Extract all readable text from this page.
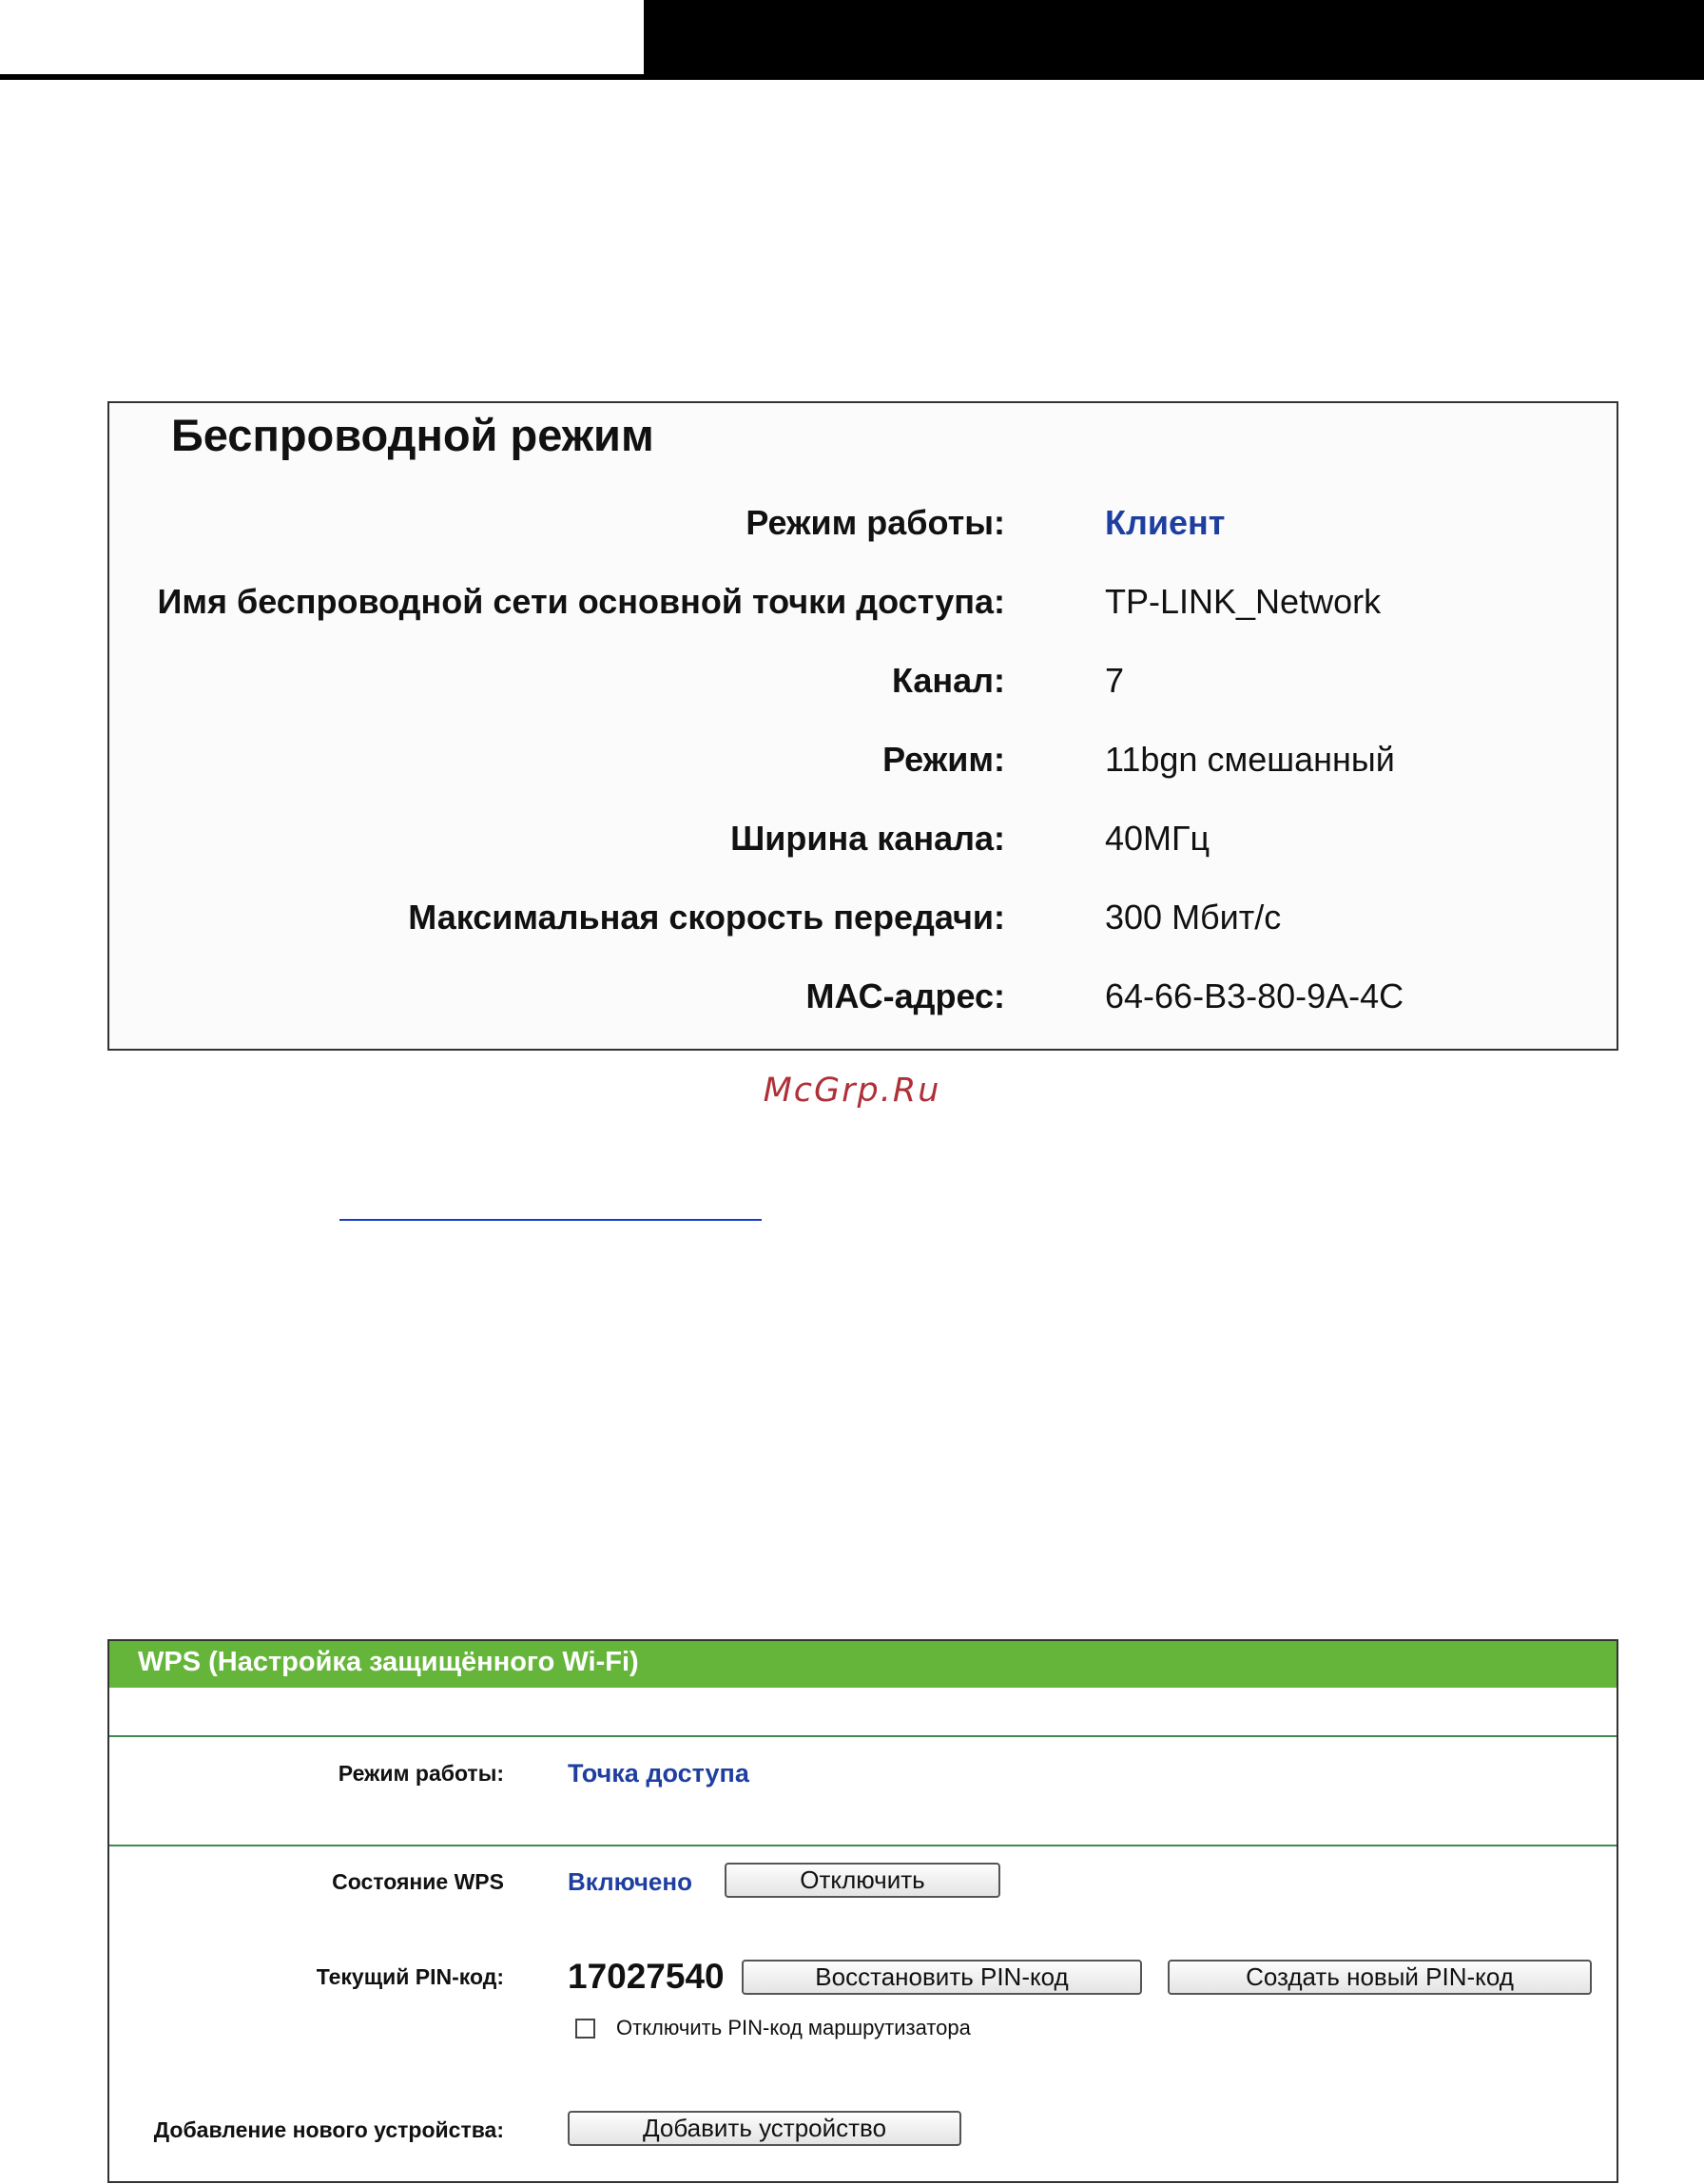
Беспроводной режим
Режим работы:	Клиент
Имя беспроводной сети основной точки доступа:	TP-LINK_Network
Канал:	7
Режим:	11bgn смешанный
Ширина канала:	40МГц
Максимальная скорость передачи:	300 Мбит/с
МАС-адрес:	64-66-B3-80-9A-4C
McGrp.Ru
WPS (Настройка защищённого Wi-Fi)
Режим работы: Точка доступа
Состояние WPS	Включено	Отключить
Текущий PIN-код: 17027540	Восстановить PIN-код	Создать новый PIN-код
Отключить PIN-код маршрутизатора
Добавление нового устройства:	Добавить устройство
